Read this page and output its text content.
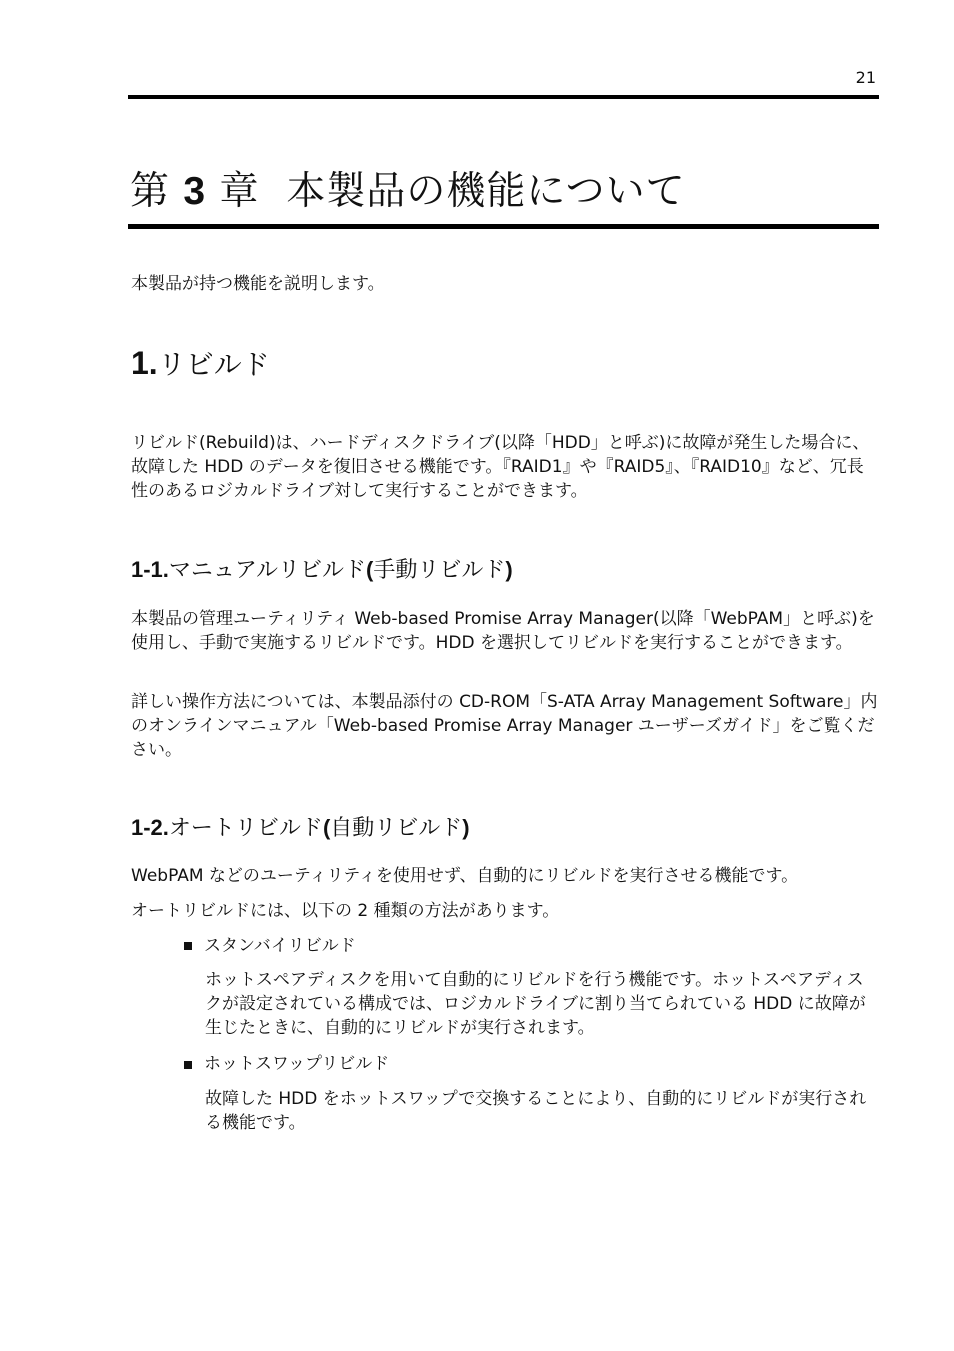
21
第 3 章 本製品の機能について

本製品が持つ機能を説明します。

1.リビルド

リビルド(Rebuild)は、ハードディスクドライブ(以降「HDD」と呼ぶ)に故障が発生した場合に、故障した HDD のデータを復旧させる機能です。『RAID1』や『RAID5』、『RAID10』など、冗長性のあるロジカルドライブ対して実行することができます。

1-1.マニュアルリビルド(手動リビルド)

本製品の管理ユーティリティ Web-based Promise Array Manager(以降「WebPAM」と呼ぶ)を使用し、手動で実施するリビルドです。HDD を選択してリビルドを実行することができます。

詳しい操作方法については、本製品添付の CD-ROM「S-ATA Array Management Software」内のオンラインマニュアル「Web-based Promise Array Manager ユーザーズガイド」をご覧ください。

1-2.オートリビルド(自動リビルド)

WebPAM などのユーティリティを使用せず、自動的にリビルドを実行させる機能です。

オートリビルドには、以下の 2 種類の方法があります。

スタンバイリビルド

ホットスペアディスクを用いて自動的にリビルドを行う機能です。ホットスペアディスクが設定されている構成では、ロジカルドライブに割り当てられている HDD に故障が生じたときに、自動的にリビルドが実行されます。

ホットスワップリビルド

故障した HDD をホットスワップで交換することにより、自動的にリビルドが実行される機能です。
